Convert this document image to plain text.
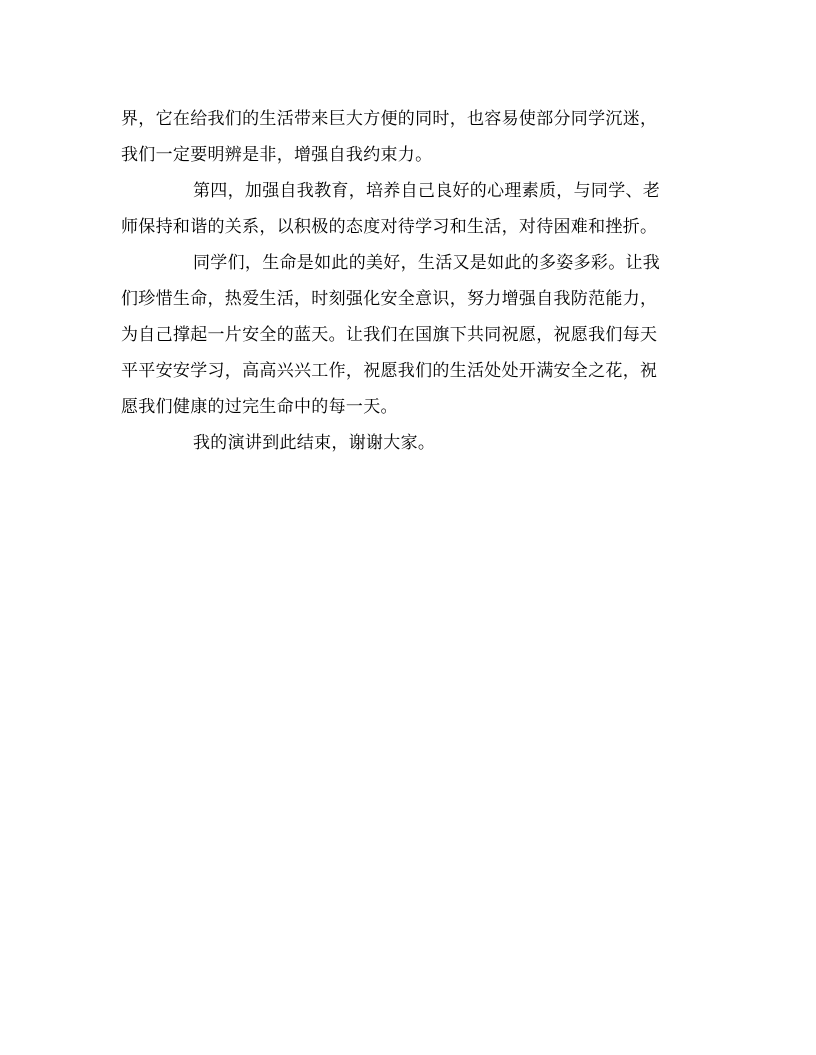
界，它在给我们的生活带来巨大方便的同时，也容易使部分同学沉迷，
我们一定要明辨是非，增强自我约束力。
第四，加强自我教育，培养自己良好的心理素质，与同学、老
师保持和谐的关系，以积极的态度对待学习和生活，对待困难和挫折。
同学们，生命是如此的美好，生活又是如此的多姿多彩。让我
们珍惜生命，热爱生活，时刻强化安全意识，努力增强自我防范能力，
为自己撑起一片安全的蓝天。让我们在国旗下共同祝愿，祝愿我们每天
平平安安学习，高高兴兴工作，祝愿我们的生活处处开满安全之花，祝
愿我们健康的过完生命中的每一天。
我的演讲到此结束，谢谢大家。
